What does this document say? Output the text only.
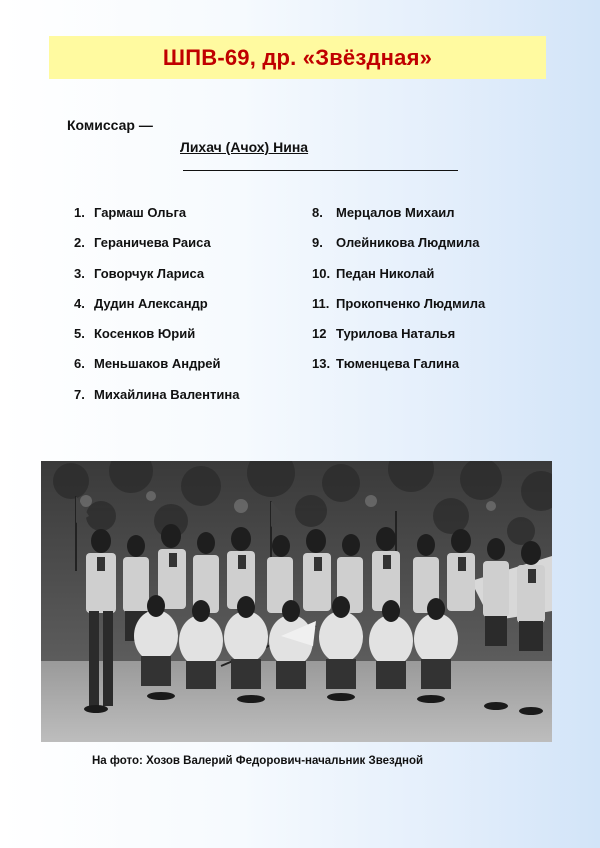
ШПВ-69, др. «Звёздная»
Комиссар —
Лихач (Ачох) Нина
1. Гармаш Ольга
2. Гераничева Раиса
3. Говорчук Лариса
4. Дудин Александр
5. Косенков Юрий
6. Меньшаков Андрей
7. Михайлина Валентина
8. Мерцалов Михаил
9. Олейникова Людмила
10. Педан Николай
11. Прокопченко Людмила
12 Турилова Наталья
13. Тюменцева Галина
На фото: Хозов Валерий Федорович-начальник Звездной
